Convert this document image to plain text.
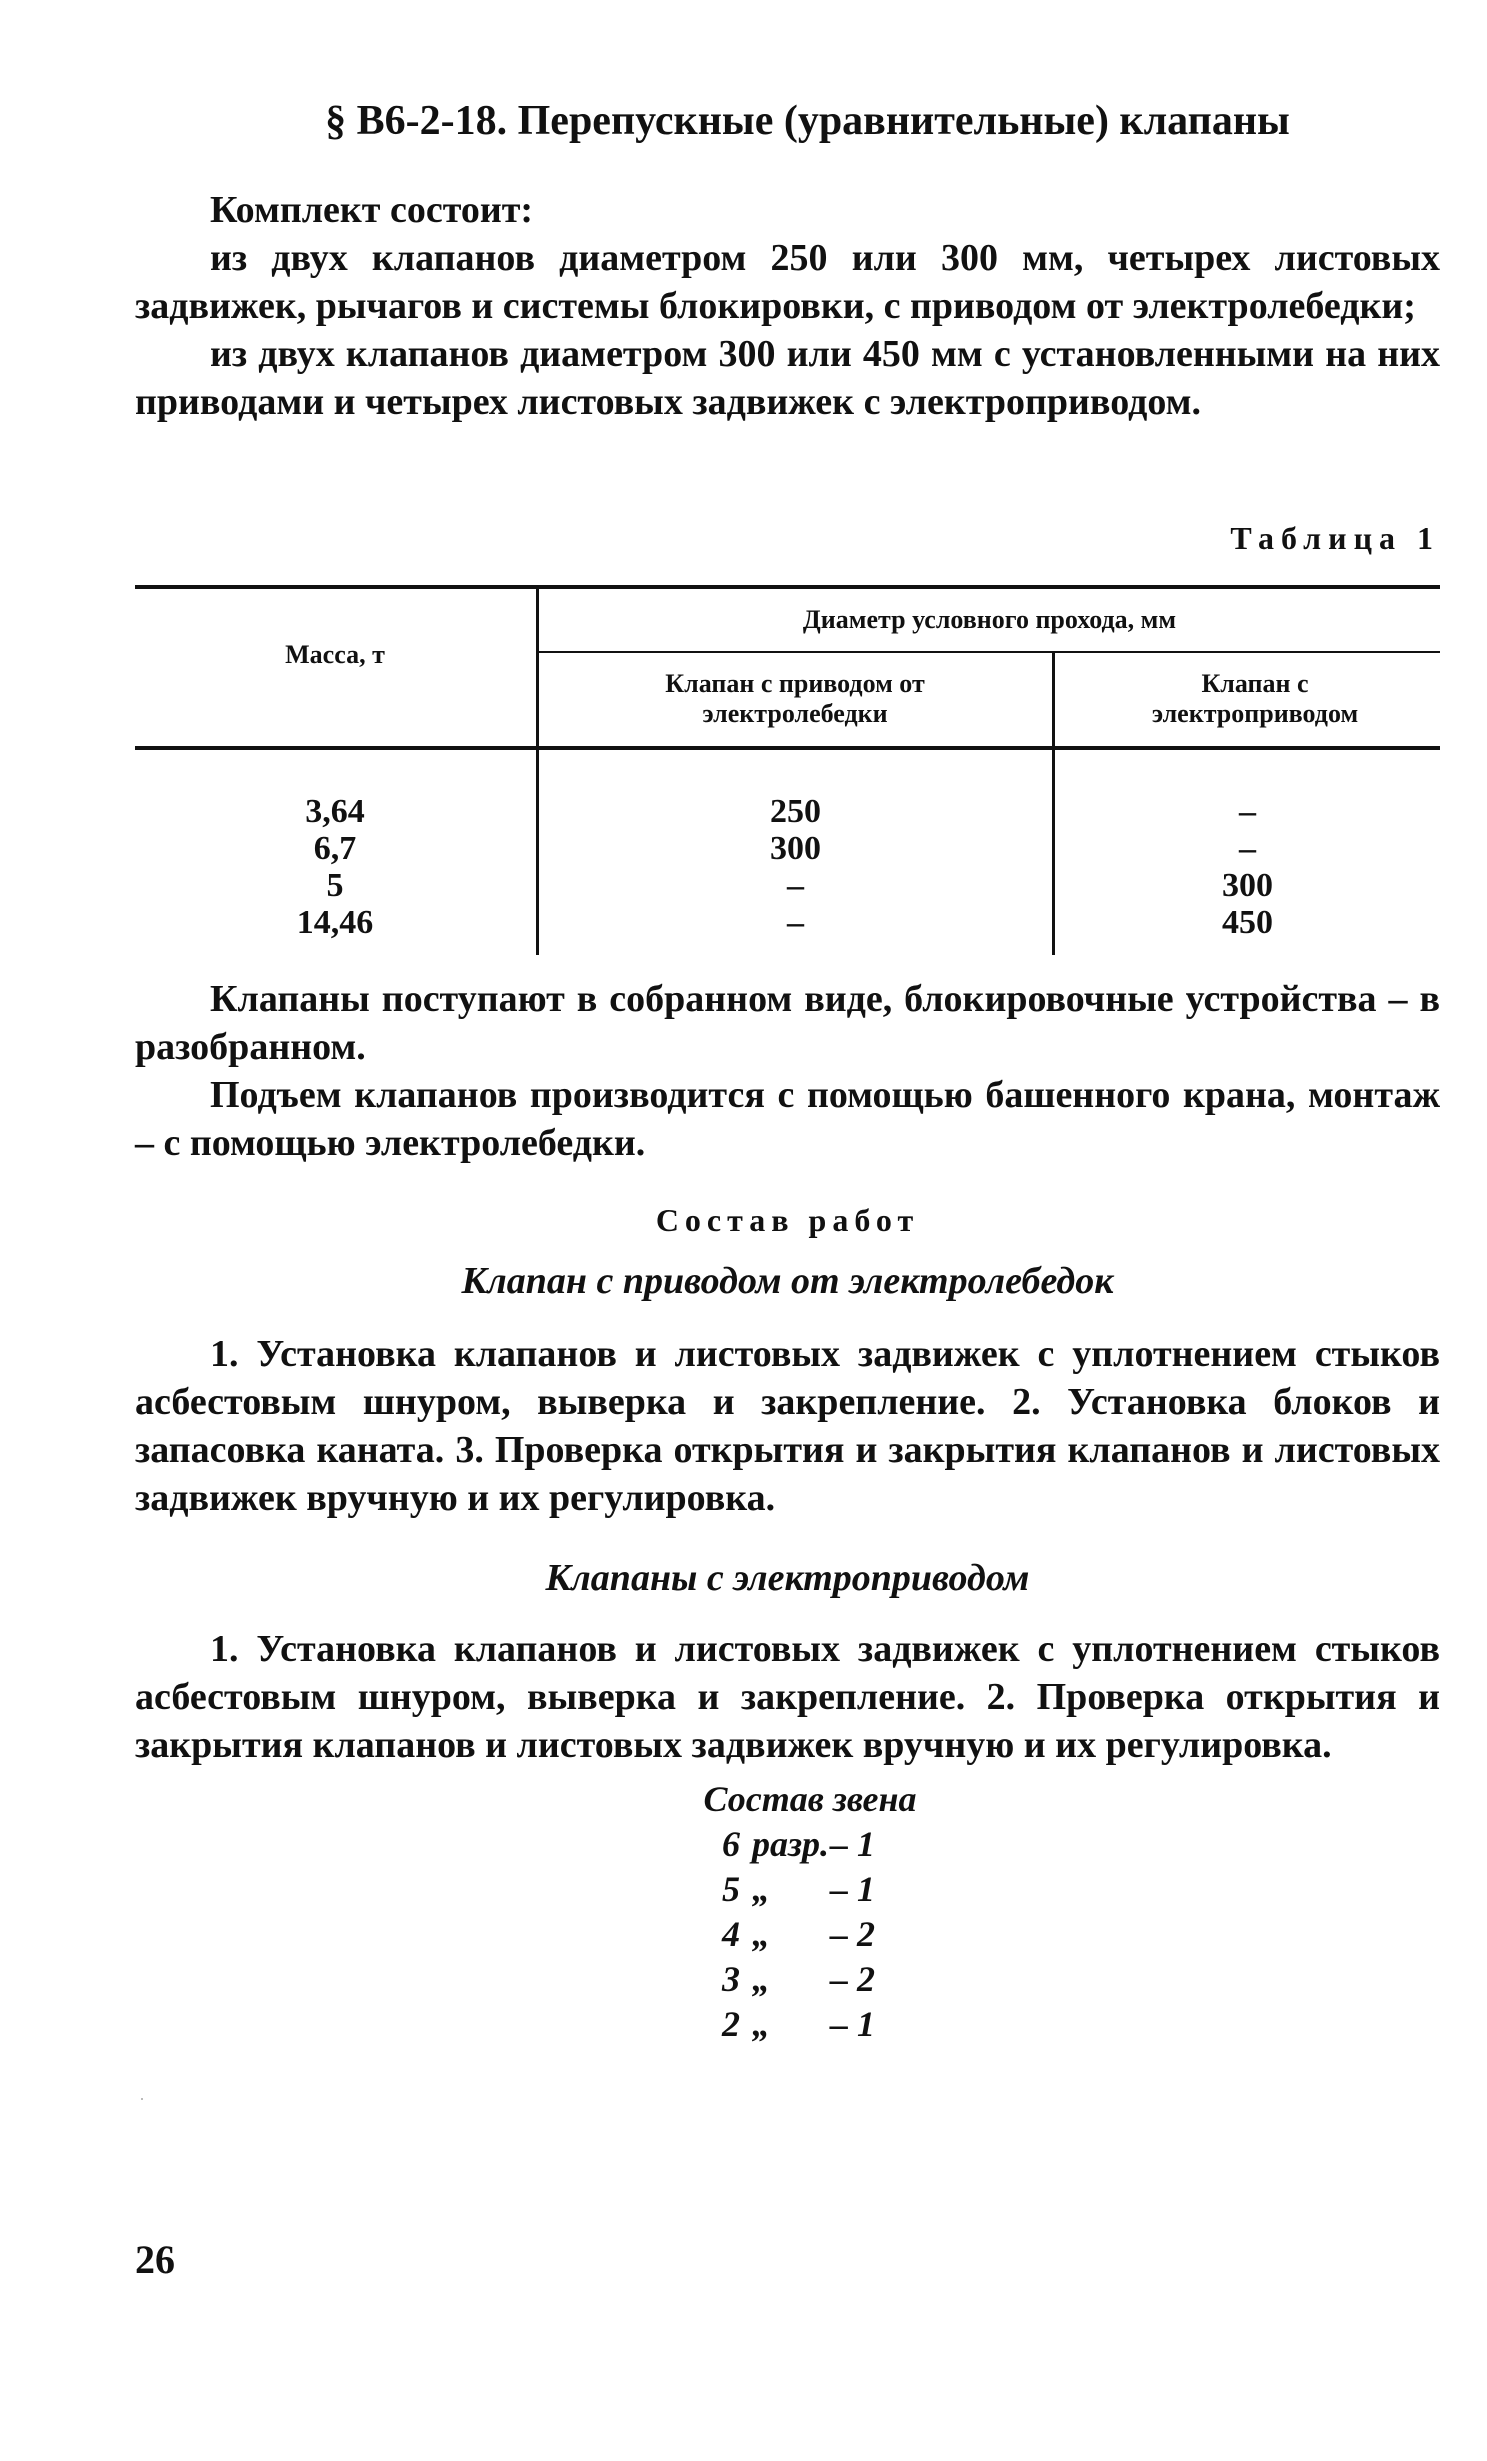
§ В6-2-18. Перепускные (уравнительные) клапаны

Комплект состоит:

из двух клапанов диаметром 250 или 300 мм, четырех листовых задвижек, рычагов и системы блокировки, с приводом от электролебедки;

из двух клапанов диаметром 300 или 450 мм с установленными на них приводами и четырех листовых задвижек с электроприводом.

Таблица 1
Масса, т
Диаметр условного прохода, мм
Клапан с приводом от электролебедки
Клапан с электроприводом
3,64
6,7
5
14,46
250
300
–
–
–
–
300
450

Клапаны поступают в собранном виде, блокировочные устройства – в разобранном.

Подъем клапанов производится с помощью башенного крана, монтаж – с помощью электролебедки.

Состав работ
Клапан с приводом от электролебедок

1. Установка клапанов и листовых задвижек с уплотнением стыков асбестовым шнуром, выверка и закрепление. 2. Установка блоков и запасовка каната. 3. Проверка открытия и закрытия клапанов и листовых задвижек вручную и их регулировка.

Клапаны с электроприводом

1. Установка клапанов и листовых задвижек с уплотнением стыков асбестовым шнуром, выверка и закрепление. 2. Проверка открытия и закрытия клапанов и листовых задвижек вручную и их регулировка.

Состав звена
6 разр. – 1
5 „ – 1
4 „ – 2
3 „ – 2
2 „ – 1
26
